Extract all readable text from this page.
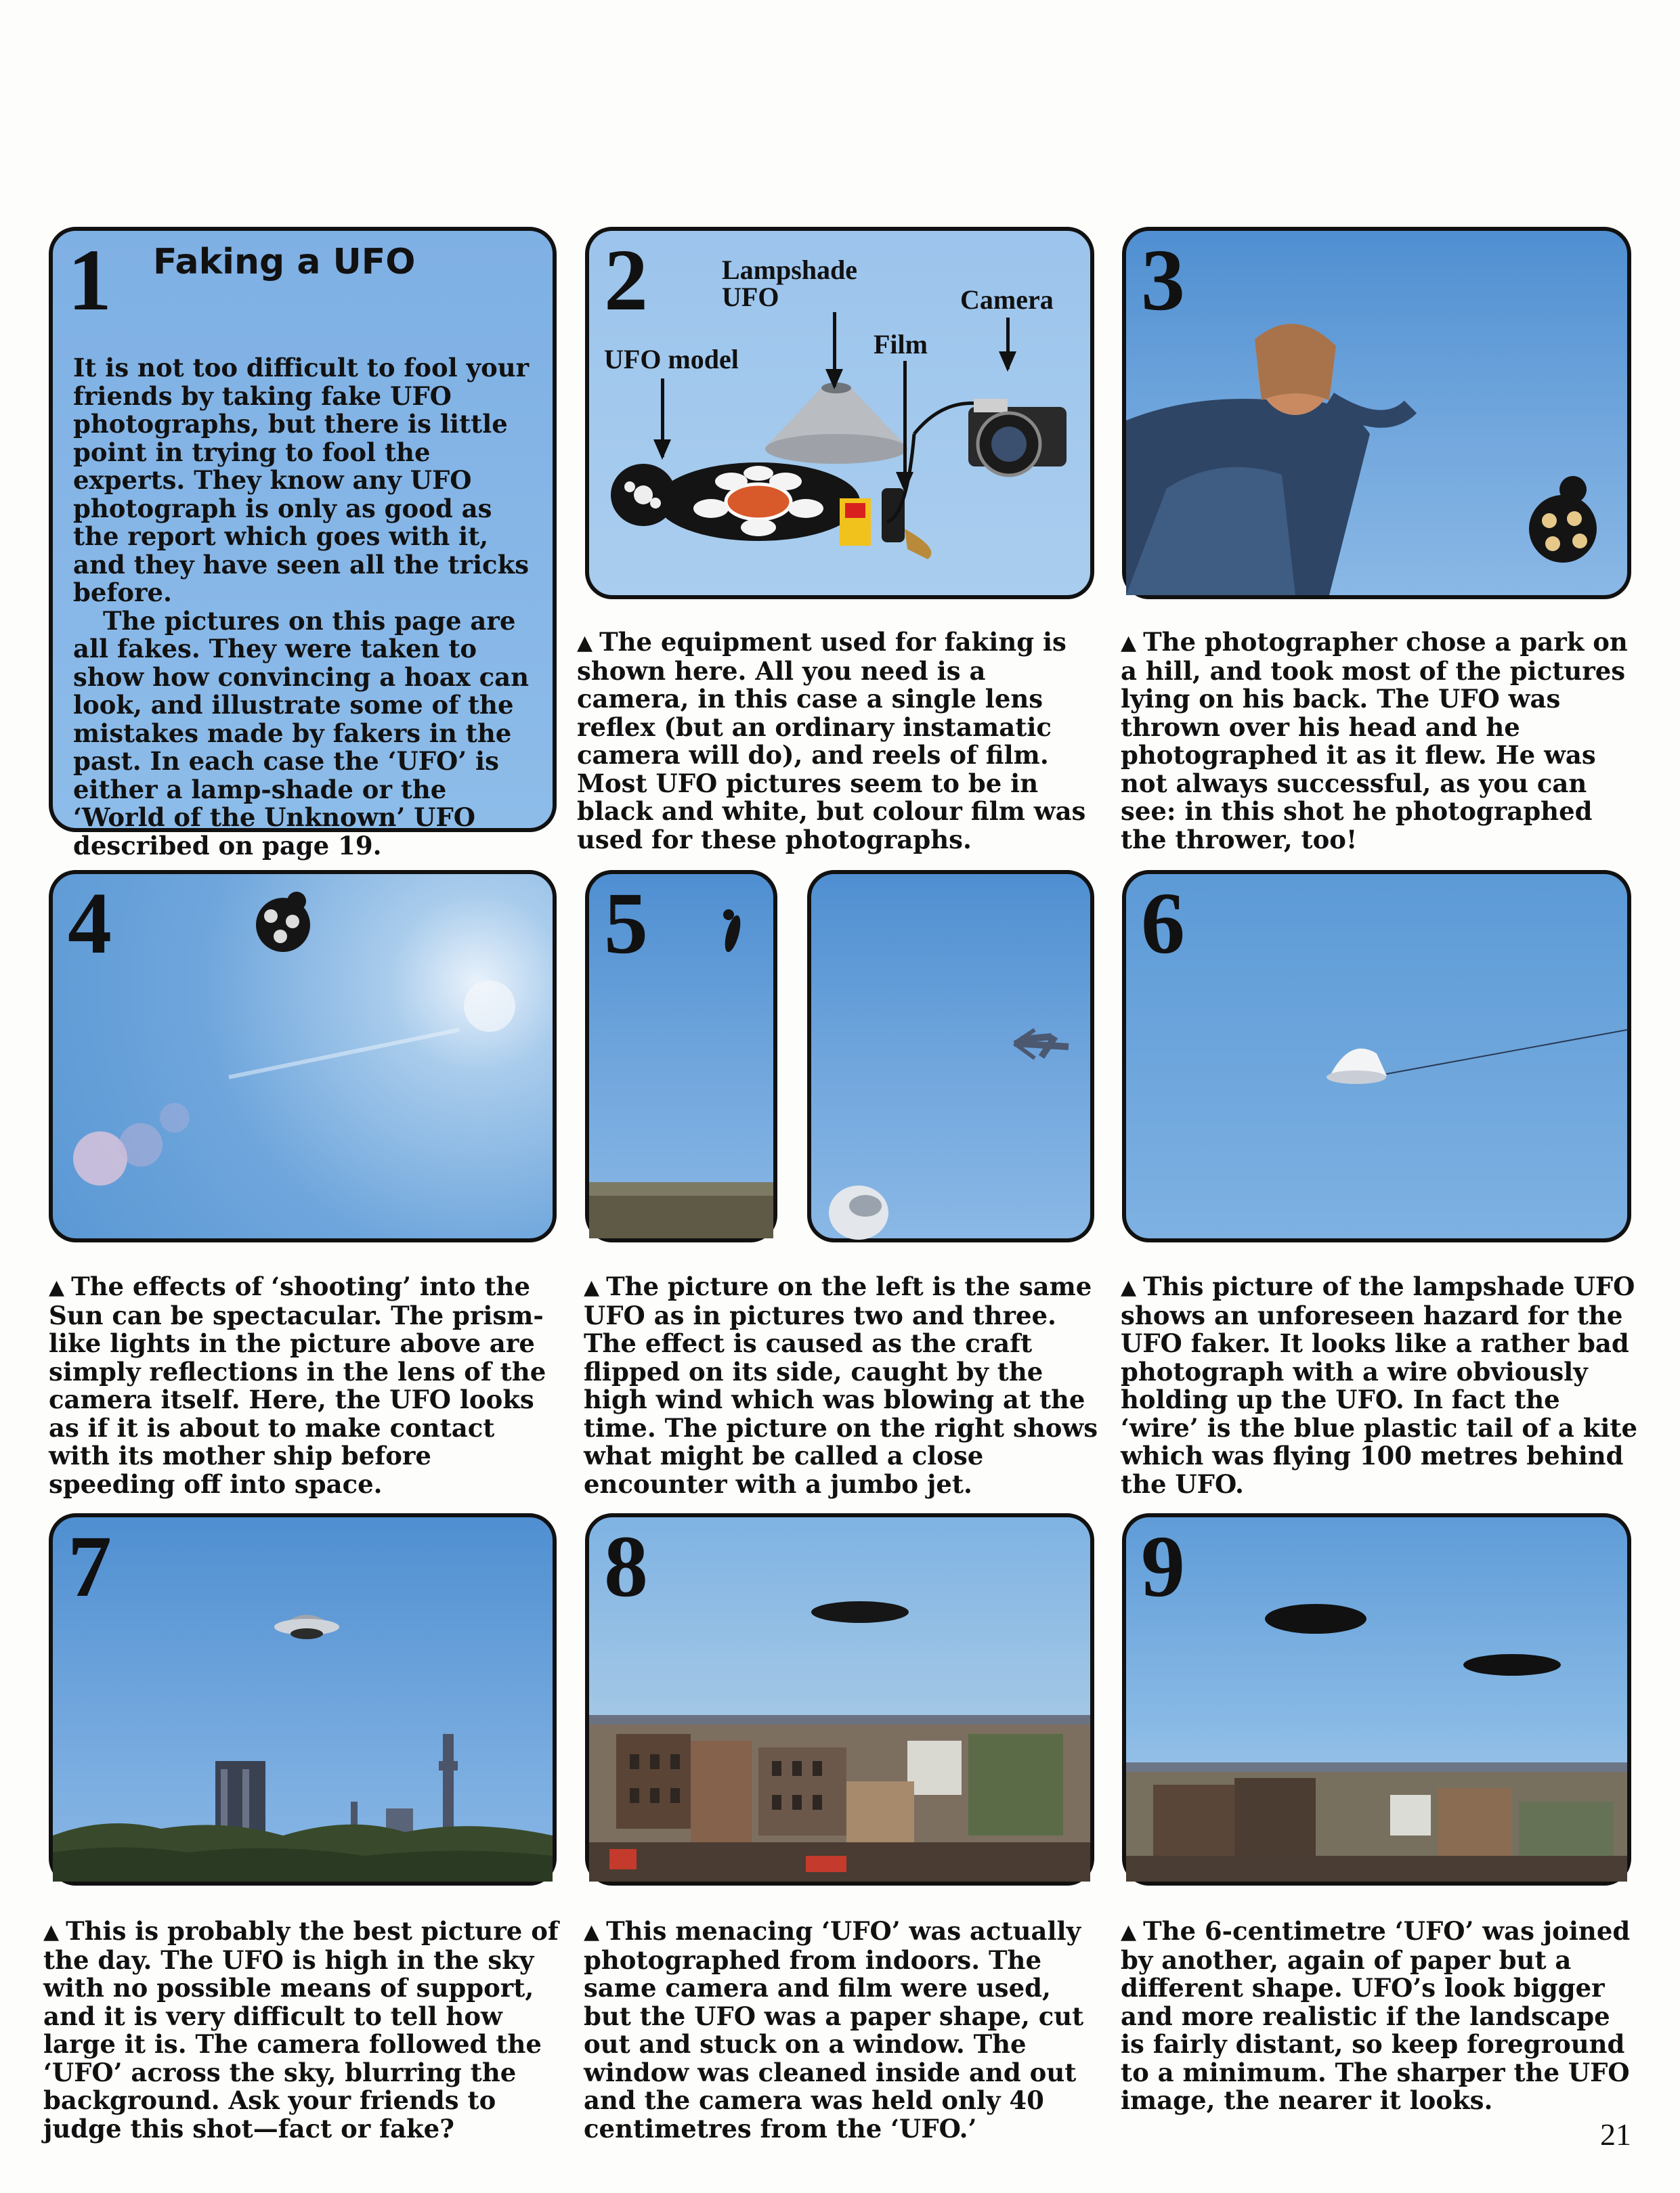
1 Faking a UFO
It is not too difficult to fool your friends by taking fake UFO photographs, but there is little point in trying to fool the experts. They know any UFO photograph is only as good as the report which goes with it, and they have seen all the tricks before.
The pictures on this page are all fakes. They were taken to show how convincing a hoax can look, and illustrate some of the mistakes made by fakers in the past. In each case the ‘UFO’ is either a lamp-shade or the ‘World of the Unknown’ UFO described on page 19.
2	Lampshade
UFO	Camera
Film
UFO model

▲ The equipment used for faking is shown here. All you need is a camera, in this case a single lens reflex (but an ordinary instamatic camera will do), and reels of film. Most UFO pictures seem to be in black and white, but colour film was used for these photographs.

3

▲ The photographer chose a park on a hill, and took most of the pictures lying on his back. The UFO was thrown over his head and he photographed it as it flew. He was not always successful, as you can see: in this shot he photographed the thrower, too!

4

▲ The effects of ‘shooting’ into the Sun can be spectacular. The prism-like lights in the picture above are simply reflections in the lens of the camera itself. Here, the UFO looks as if it is about to make contact with its mother ship before speeding off into space.

5

▲ The picture on the left is the same UFO as in pictures two and three. The effect is caused as the craft flipped on its side, caught by the high wind which was blowing at the time. The picture on the right shows what might be called a close encounter with a jumbo jet.

6

▲ This picture of the lampshade UFO shows an unforeseen hazard for the UFO faker. It looks like a rather bad photograph with a wire obviously holding up the UFO. In fact the ‘wire’ is the blue plastic tail of a kite which was flying 100 metres behind the UFO.

7

▲ This is probably the best picture of the day. The UFO is high in the sky with no possible means of support, and it is very difficult to tell how large it is. The camera followed the ‘UFO’ across the sky, blurring the background. Ask your friends to judge this shot—fact or fake?

8

▲ This menacing ‘UFO’ was actually photographed from indoors. The same camera and film were used, but the UFO was a paper shape, cut out and stuck on a window. The window was cleaned inside and out and the camera was held only 40 centimetres from the ‘UFO.’

9

▲ The 6-centimetre ‘UFO’ was joined by another, again of paper but a different shape. UFO’s look bigger and more realistic if the landscape is fairly distant, so keep foreground to a minimum. The sharper the UFO image, the nearer it looks.

21
